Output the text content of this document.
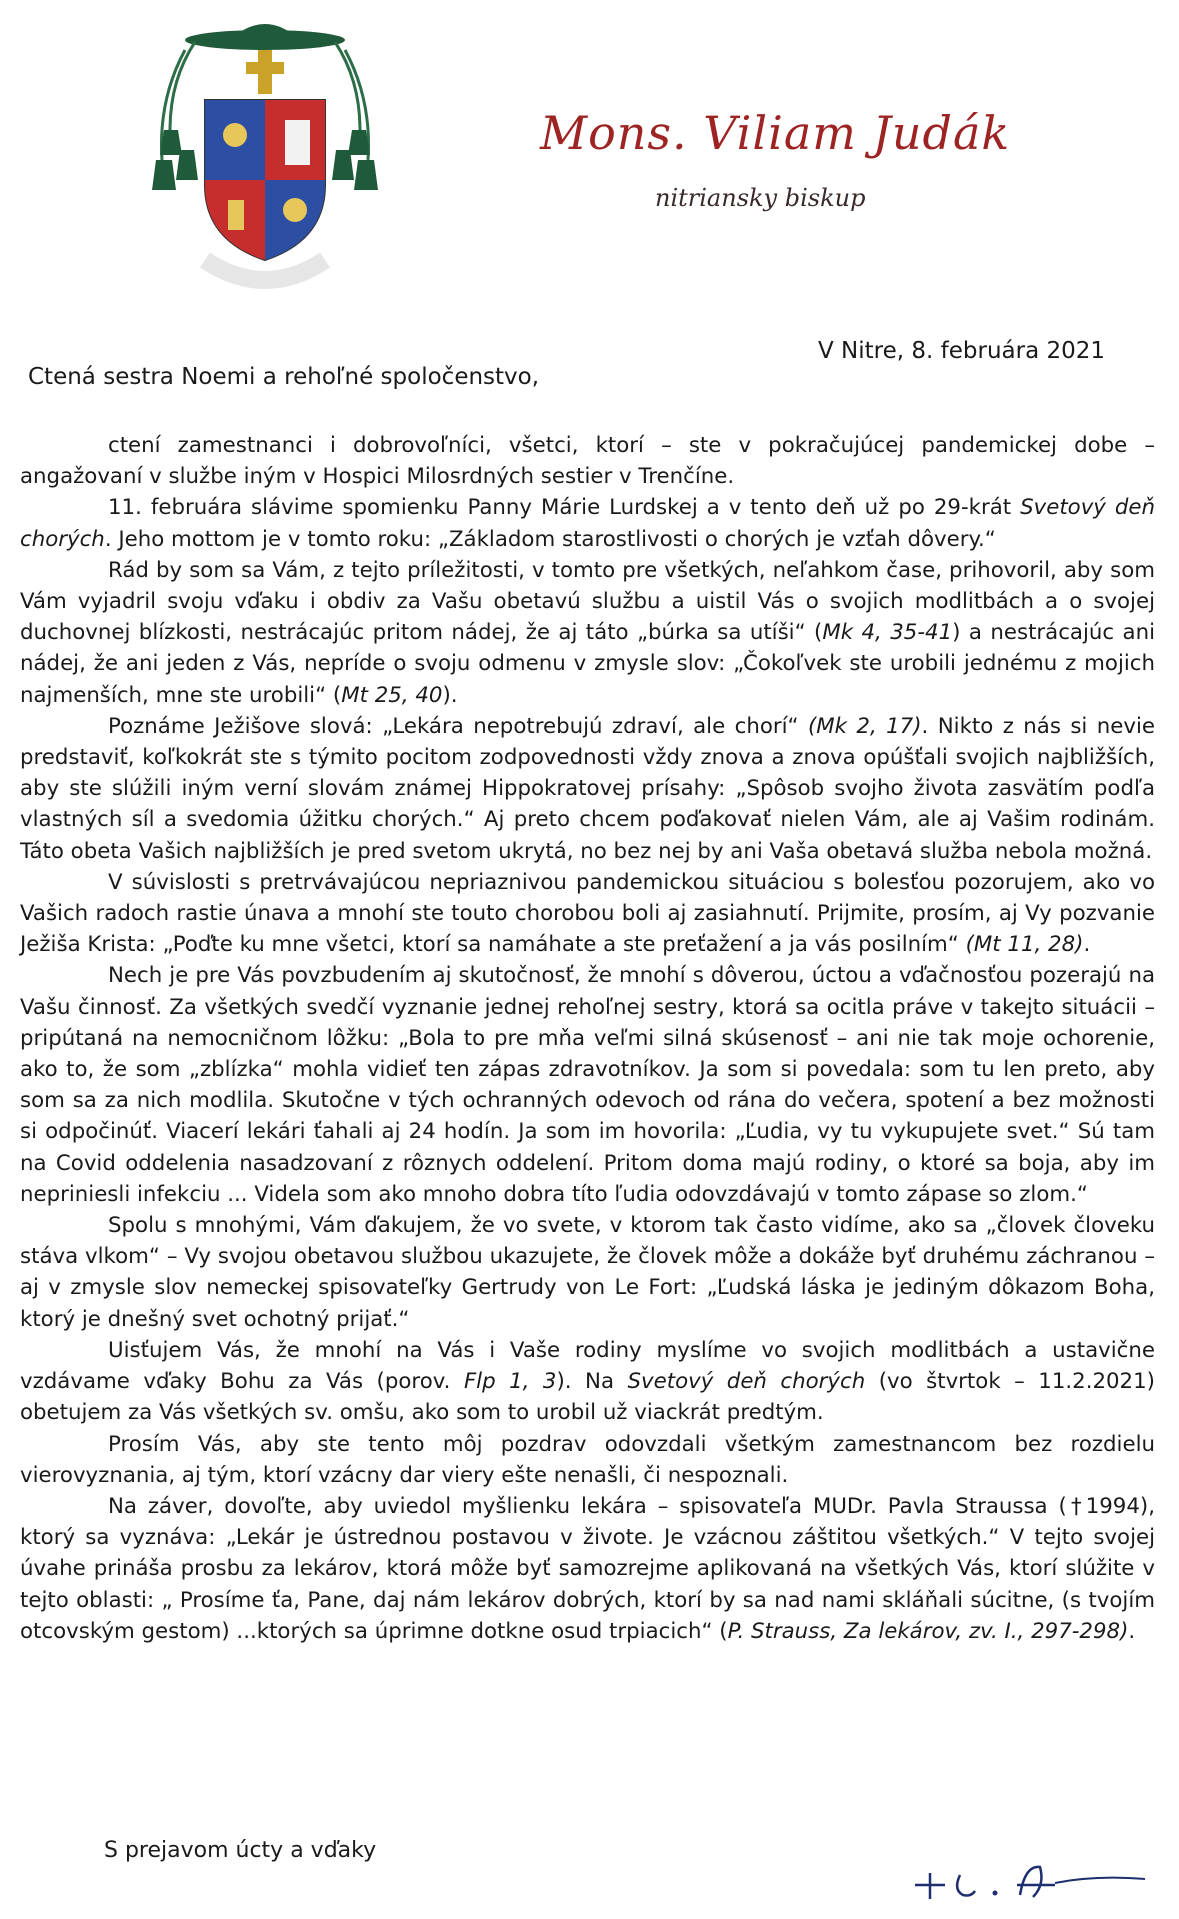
Mons. Viliam Judák
nitriansky biskup
V Nitre, 8. februára 2021
Ctená sestra Noemi a rehoľné spoločenstvo,

ctení zamestnanci i dobrovoľníci, všetci, ktorí – ste v pokračujúcej pandemickej dobe – angažovaní v službe iným v Hospici Milosrdných sestier v Trenčíne.

11. februára slávime spomienku Panny Márie Lurdskej a v tento deň už po 29-krát Svetový deň chorých. Jeho mottom je v tomto roku: „Základom starostlivosti o chorých je vzťah dôvery.“

Rád by som sa Vám, z tejto príležitosti, v tomto pre všetkých, neľahkom čase, prihovoril, aby som Vám vyjadril svoju vďaku i obdiv za Vašu obetavú službu a uistil Vás o svojich modlitbách a o svojej duchovnej blízkosti, nestrácajúc pritom nádej, že aj táto „búrka sa utíši“ (Mk 4, 35-41) a nestrácajúc ani nádej, že ani jeden z Vás, nepríde o svoju odmenu v zmysle slov: „Čokoľvek ste urobili jednému z mojich najmenších, mne ste urobili“ (Mt 25, 40).

Poznáme Ježišove slová: „Lekára nepotrebujú zdraví, ale chorí“ (Mk 2, 17). Nikto z nás si nevie predstaviť, koľkokrát ste s týmito pocitom zodpovednosti vždy znova a znova opúšťali svojich najbližších, aby ste slúžili iným verní slovám známej Hippokratovej prísahy: „Spôsob svojho života zasvätím podľa vlastných síl a svedomia úžitku chorých.“ Aj preto chcem poďakovať nielen Vám, ale aj Vašim rodinám. Táto obeta Vašich najbližších je pred svetom ukrytá, no bez nej by ani Vaša obetavá služba nebola možná.

V súvislosti s pretrvávajúcou nepriaznivou pandemickou situáciou s bolesťou pozorujem, ako vo Vašich radoch rastie únava a mnohí ste touto chorobou boli aj zasiahnutí. Prijmite, prosím, aj Vy pozvanie Ježiša Krista: „Poďte ku mne všetci, ktorí sa namáhate a ste preťažení a ja vás posilním“ (Mt 11, 28).

Nech je pre Vás povzbudením aj skutočnosť, že mnohí s dôverou, úctou a vďačnosťou pozerajú na Vašu činnosť. Za všetkých svedčí vyznanie jednej rehoľnej sestry, ktorá sa ocitla práve v takejto situácii – pripútaná na nemocničnom lôžku: „Bola to pre mňa veľmi silná skúsenosť – ani nie tak moje ochorenie, ako to, že som „zblízka“ mohla vidieť ten zápas zdravotníkov. Ja som si povedala: som tu len preto, aby som sa za nich modlila. Skutočne v tých ochranných odevoch od rána do večera, spotení a bez možnosti si odpočinúť. Viacerí lekári ťahali aj 24 hodín. Ja som im hovorila: „Ľudia, vy tu vykupujete svet.“ Sú tam na Covid oddelenia nasadzovaní z rôznych oddelení. Pritom doma majú rodiny, o ktoré sa boja, aby im nepriniesli infekciu ... Videla som ako mnoho dobra títo ľudia odovzdávajú v tomto zápase so zlom.“

Spolu s mnohými, Vám ďakujem, že vo svete, v ktorom tak často vidíme, ako sa „človek človeku stáva vlkom“ – Vy svojou obetavou službou ukazujete, že človek môže a dokáže byť druhému záchranou – aj v zmysle slov nemeckej spisovateľky Gertrudy von Le Fort: „Ľudská láska je jediným dôkazom Boha, ktorý je dnešný svet ochotný prijať.“

Uisťujem Vás, že mnohí na Vás i Vaše rodiny myslíme vo svojich modlitbách a ustavične vzdávame vďaky Bohu za Vás (porov. Flp 1, 3). Na Svetový deň chorých (vo štvrtok – 11.2.2021) obetujem za Vás všetkých sv. omšu, ako som to urobil už viackrát predtým.

Prosím Vás, aby ste tento môj pozdrav odovzdali všetkým zamestnancom bez rozdielu vierovyznania, aj tým, ktorí vzácny dar viery ešte nenašli, či nespoznali.

Na záver, dovoľte, aby uviedol myšlienku lekára – spisovateľa MUDr. Pavla Straussa (†1994), ktorý sa vyznáva: „Lekár je ústrednou postavou v živote. Je vzácnou záštitou všetkých.“ V tejto svojej úvahe prináša prosbu za lekárov, ktorá môže byť samozrejme aplikovaná na všetkých Vás, ktorí slúžite v tejto oblasti: „ Prosíme ťa, Pane, daj nám lekárov dobrých, ktorí by sa nad nami skláňali súcitne, (s tvojím otcovským gestom) ...ktorých sa úprimne dotkne osud trpiacich“ (P. Strauss, Za lekárov, zv. I., 297-298).

S prejavom úcty a vďaky
